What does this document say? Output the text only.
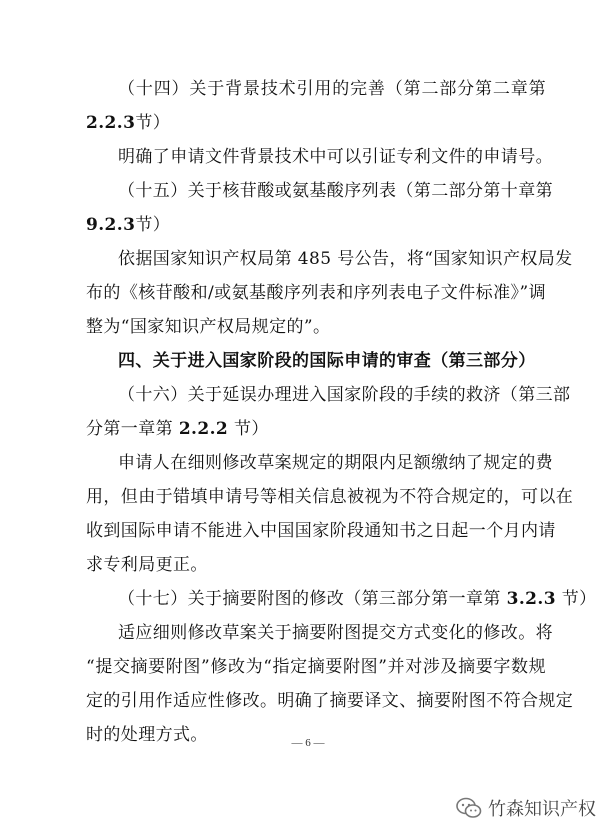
（十四）关于背景技术引用的完善（第二部分第二章第
2.2.3节）
明确了申请文件背景技术中可以引证专利文件的申请号。
（十五）关于核苷酸或氨基酸序列表（第二部分第十章第
9.2.3节）
依据国家知识产权局第 485 号公告，将“国家知识产权局发
布的《核苷酸和/或氨基酸序列表和序列表电子文件标准》”调
整为“国家知识产权局规定的”。
四、关于进入国家阶段的国际申请的审查（第三部分）
（十六）关于延误办理进入国家阶段的手续的救济（第三部
分第一章第 2.2.2 节）
申请人在细则修改草案规定的期限内足额缴纳了规定的费
用，但由于错填申请号等相关信息被视为不符合规定的，可以在
收到国际申请不能进入中国国家阶段通知书之日起一个月内请
求专利局更正。
（十七）关于摘要附图的修改（第三部分第一章第 3.2.3 节）
适应细则修改草案关于摘要附图提交方式变化的修改。将
“提交摘要附图”修改为“指定摘要附图”并对涉及摘要字数规
定的引用作适应性修改。明确了摘要译文、摘要附图不符合规定
— 6 —
竹森知识产权
时的处理方式。
